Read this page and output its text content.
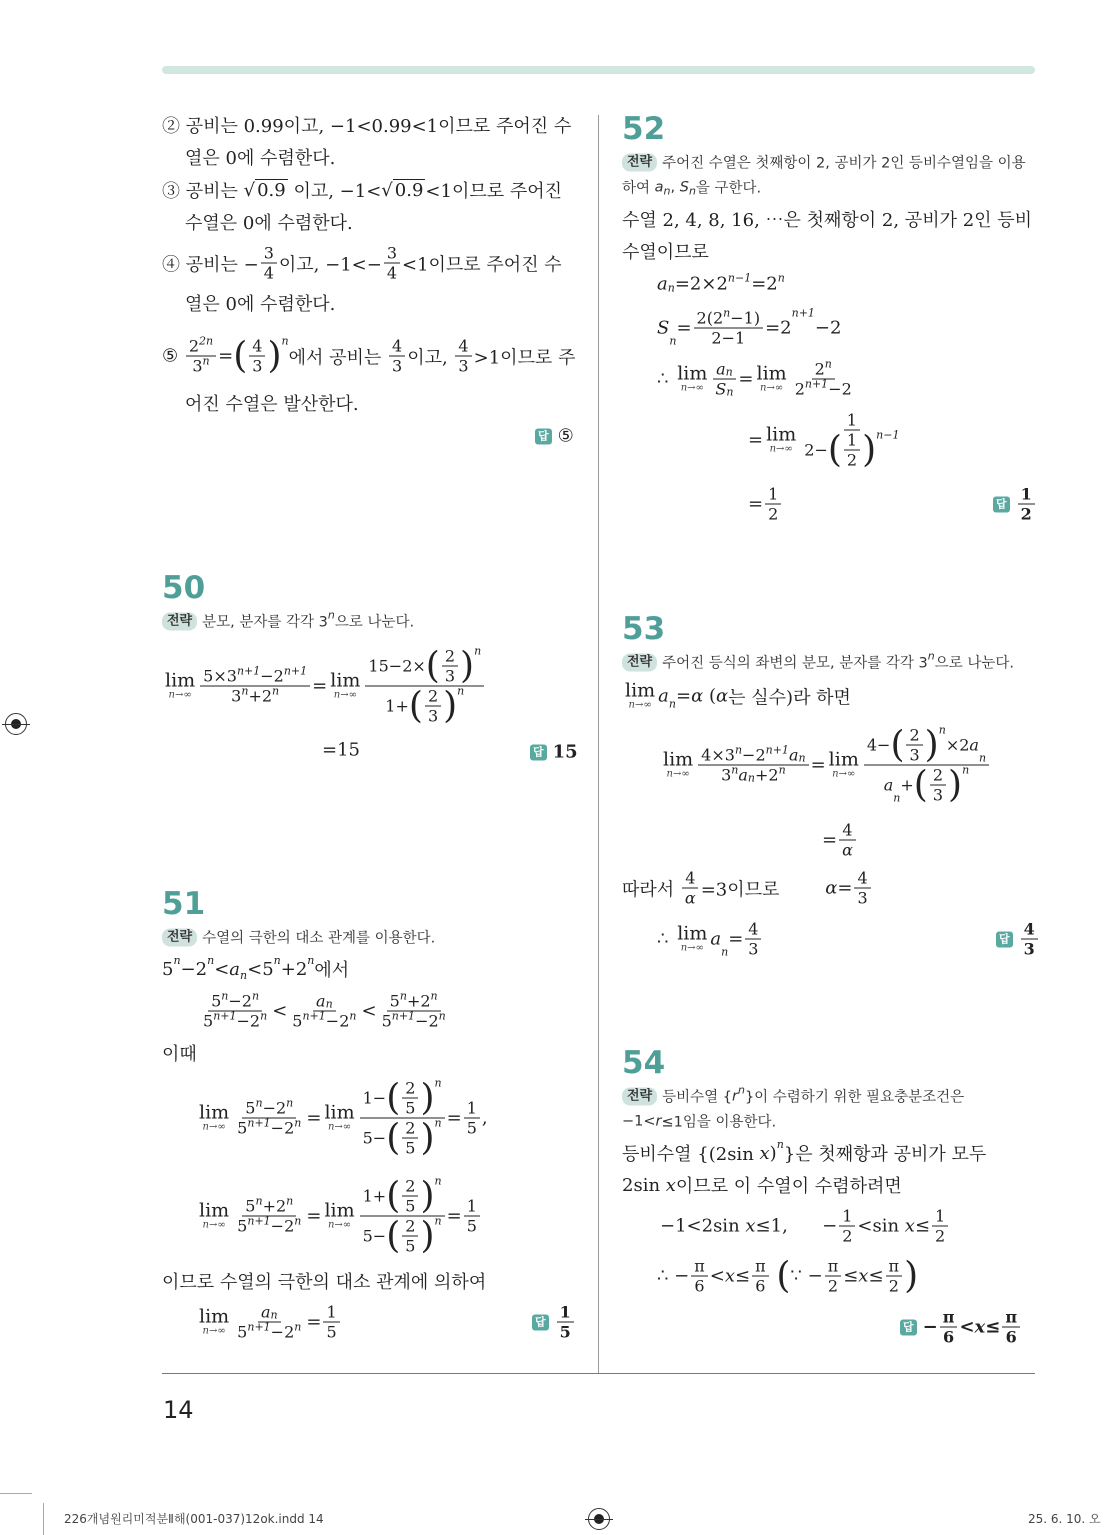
② 공비는 0.99이고, −1<0.99<1이므로 주어진 수
열은 0에 수렴한다.
③ 공비는 √ 0.9 이고, −1< √ 0.9 <1이므로 주어진
수열은 0에 수렴한다.
④ 공비는 − $\frac{3}{4}$ 이고, $-1<- \frac{3}{4} <1$이므로 주어진 수
열은 0에 수렴한다.
⑤ $\frac{2 2n}{3 n}$ = ( $\frac{4}{3}$ ) n
에서 공비는 $\frac{4}{3}$ 이고, $\frac{4}{3} >1$이므로 주
어진 수열은 발산한다.
답 ⑤
50
전략 분모, 분자를 각각 3 n 으로 나눈다.
lim
$n\to\infty \frac{5\times 3 n+1 -2 n+1}{3 n +2 n} = \lim$
$n\to\infty \frac{15-2\times ( \frac{2}{3} ) n}{1+ ( \frac{2}{3} ) n}$
=15	답 15
51
전략 수열의 극한의 대소 관계를 이용한다.
5 n −2 n < a n <5 n +2 n 에서
$\frac{5 n -2 n}{5 n+1 -2 n} < \frac{\text{a n}}{5 n+1 -2 n} < \frac{5 n +2 n}{5 n+1 -2 n}$
이때
lim
$n\to\infty \frac{5 n -2 n}{5 n+1 -2 n} = \lim$
$n\to\infty \frac{1- ( \frac{2}{5} ) n}{5- ( \frac{2}{5} ) n} = \frac{1}{5}$ ,
lim
$n\to\infty \frac{5 n +2 n}{5 n+1 -2 n} = \lim$
$n\to\infty \frac{1+ ( \frac{2}{5} ) n}{5- ( \frac{2}{5} ) n} = \frac{1}{5}$
이므로 수열의 극한의 대소 관계에 의하여
lim
$n\to\infty \frac{\text{a n}}{5 n+1 -2 n} = \frac{1}{5}$	답 $\frac{1}{5}$
52
전략 주어진 수열은 첫째항이 2, 공비가 2인 등비수열임을 이용
하여 a n , S n 을 구한다.
수열 2, 4, 8, 16, ⋯은 첫째항이 2, 공비가 2인 등비
수열이므로
a n =2×2 n−1 =2 n
S
n
= $\frac{2(2 n -1)}{2-1} =2$
n+1
−2
∴ lim
$n\to\infty \frac{\text{a n}}{\text{S n}} = \lim$
$n\to\infty \frac{2 n}{2 n+1 -2}$
= lim
$n\to\infty \frac{1}{2- ( \frac{1}{2} ) n-1}$
= $\frac{1}{2}$	답 $\frac{1}{2}$
53
전략 주어진 등식의 좌변의 분모, 분자를 각각 3 n 으로 나눈다.
lim
n→∞ a n = α ( α 는 실수)라 하면
lim
$n\to\infty \frac{\text{4×3 n −2 n+1 a n}}{\text{3 n a n +2 n}} = \lim$
n→∞ 4− ( $\frac{2}{3}$ ) n
×2 a
n
a
n
+ ( $\frac{2}{3}$ ) n
= $\frac{4}{\alpha}$
따라서 $\frac{4}{\alpha} =3$이므로 $\alpha = \frac{4}{3}$
∴ lim
n→∞ a
n
= $\frac{4}{3}$	답 $\frac{4}{3}$
54
전략 등비수열 { r n }이 수렴하기 위한 필요충분조건은
−1< r ≤1임을 이용한다.
등비수열 {(2sin x ) n }은 첫째항과 공비가 모두
2sin x 이므로 이 수열이 수렴하려면
−1<2sin x ≤1,      − $\frac{1}{2} <\sin$ $x \le \frac{1}{2}$
∴ − $\frac{\pi}{6} < x \le \frac{\pi}{6}$
( ∵ − $\frac{\pi}{2} \le x \le \frac{\pi}{2}$ )
답 − $\frac{\pi}{6} < x \le \frac{\pi}{6}$
14
226개념원리미적분Ⅱ해(001-037)12ok.indd 14	25. 6. 10. 오
